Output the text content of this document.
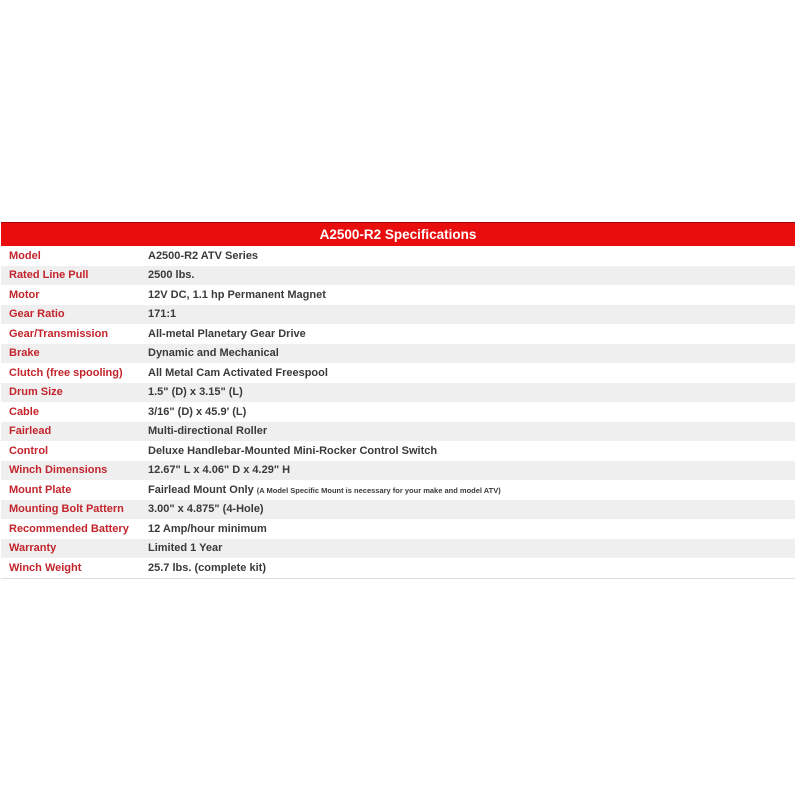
A2500-R2 Specifications
Model	A2500-R2 ATV Series
Rated Line Pull	2500 lbs.
Motor	12V DC, 1.1 hp Permanent Magnet
Gear Ratio	171:1
Gear/Transmission	All-metal Planetary Gear Drive
Brake	Dynamic and Mechanical
Clutch (free spooling)	All Metal Cam Activated Freespool
Drum Size	1.5" (D) x 3.15" (L)
Cable	3/16" (D) x 45.9' (L)
Fairlead	Multi-directional Roller
Control	Deluxe Handlebar-Mounted Mini-Rocker Control Switch
Winch Dimensions	12.67" L x 4.06" D x 4.29" H
Mount Plate	Fairlead Mount Only (A Model Specific Mount is necessary for your make and model ATV)
Mounting Bolt Pattern	3.00" x 4.875" (4-Hole)
Recommended Battery	12 Amp/hour minimum
Warranty	Limited 1 Year
Winch Weight	25.7 lbs. (complete kit)
